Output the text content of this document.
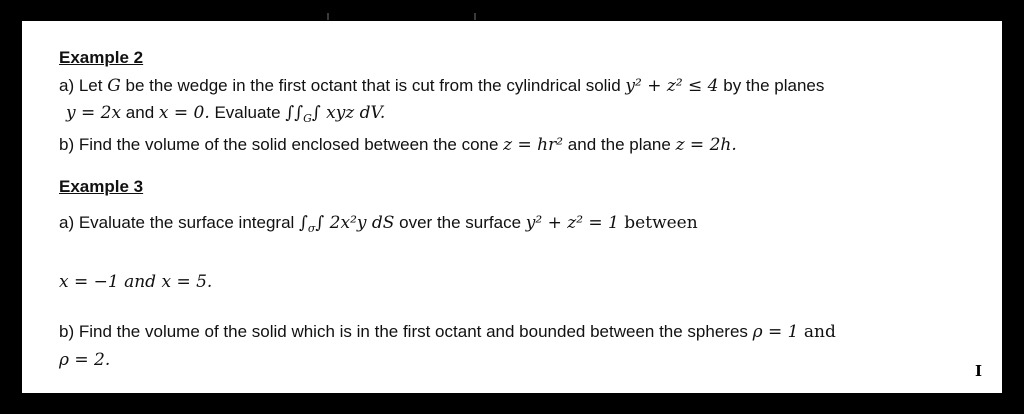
Example 2
a) Let G be the wedge in the first octant that is cut from the cylindrical solid y² + z² ≤ 4 by the planes
y = 2x and x = 0. Evaluate $\int\int_G\int$ xyz dV.
b) Find the volume of the solid enclosed between the cone z = hr² and the plane z = 2h.
Example 3
a) Evaluate the surface integral $\int_\sigma\int$ 2x²y dS over the surface y² + z² = 1 between
x = −1 and x = 5.
b) Find the volume of the solid which is in the first octant and bounded between the spheres ρ = 1 and
ρ = 2.
I
